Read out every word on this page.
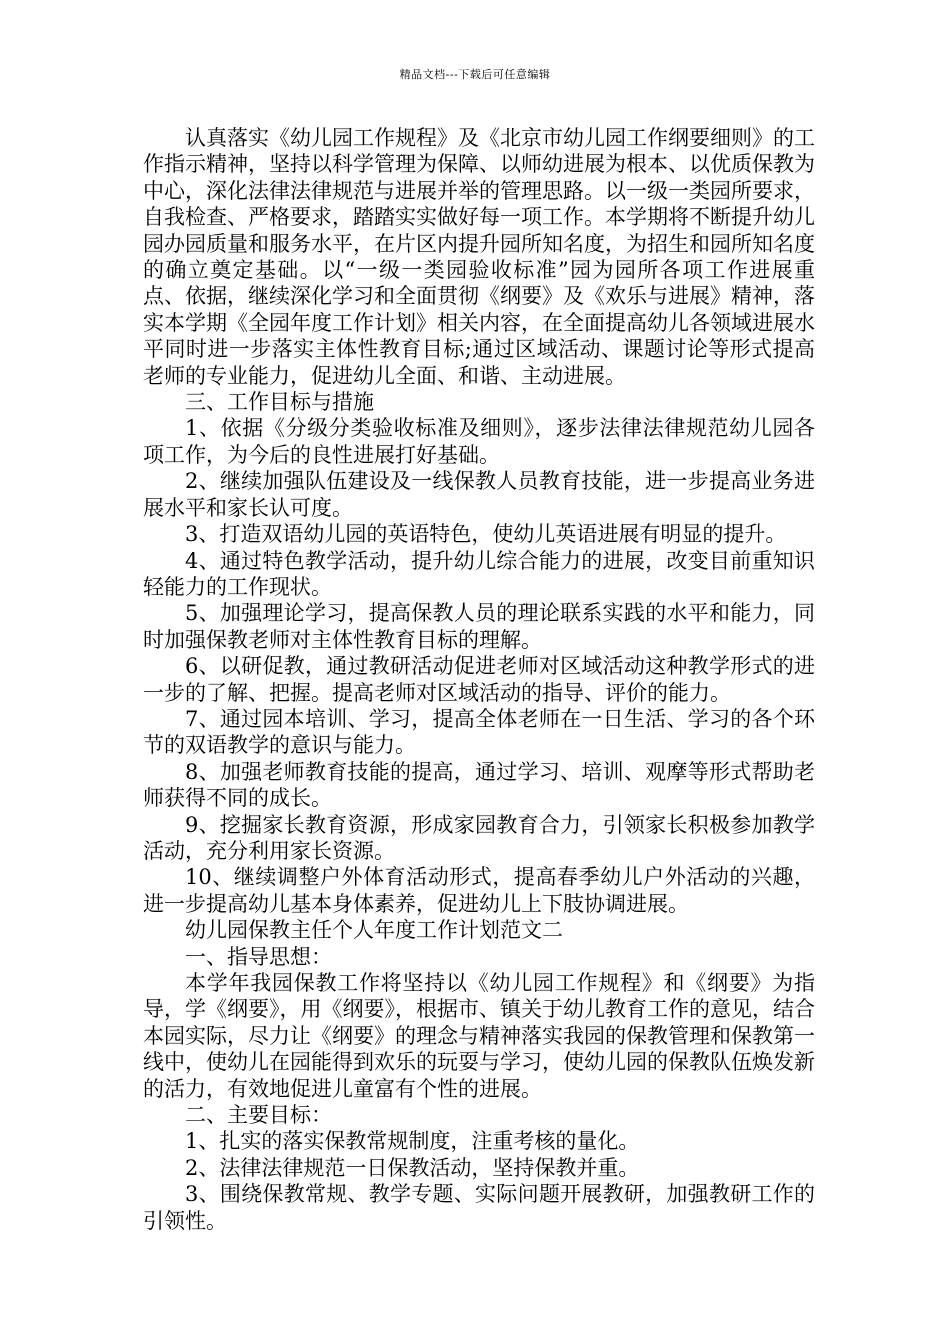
精品文档---下载后可任意编辑

认真落实《幼儿园工作规程》及《北京市幼儿园工作纲要细则》的工作指示精神，坚持以科学管理为保障、以师幼进展为根本、以优质保教为中心，深化法律法律规范与进展并举的管理思路。以一级一类园所要求，自我检查、严格要求，踏踏实实做好每一项工作。本学期将不断提升幼儿园办园质量和服务水平，在片区内提升园所知名度，为招生和园所知名度的确立奠定基础。以“一级一类园验收标准”园为园所各项工作进展重点、依据，继续深化学习和全面贯彻《纲要》及《欢乐与进展》精神，落实本学期《全园年度工作计划》相关内容，在全面提高幼儿各领域进展水平同时进一步落实主体性教育目标;通过区域活动、课题讨论等形式提高老师的专业能力，促进幼儿全面、和谐、主动进展。

三、工作目标与措施

1、依据《分级分类验收标准及细则》，逐步法律法律规范幼儿园各项工作，为今后的良性进展打好基础。

2、继续加强队伍建设及一线保教人员教育技能，进一步提高业务进展水平和家长认可度。

3、打造双语幼儿园的英语特色，使幼儿英语进展有明显的提升。

4、通过特色教学活动，提升幼儿综合能力的进展，改变目前重知识轻能力的工作现状。

5、加强理论学习，提高保教人员的理论联系实践的水平和能力，同时加强保教老师对主体性教育目标的理解。

6、以研促教，通过教研活动促进老师对区域活动这种教学形式的进一步的了解、把握。提高老师对区域活动的指导、评价的能力。

7、通过园本培训、学习，提高全体老师在一日生活、学习的各个环节的双语教学的意识与能力。

8、加强老师教育技能的提高，通过学习、培训、观摩等形式帮助老师获得不同的成长。

9、挖掘家长教育资源，形成家园教育合力，引领家长积极参加教学活动，充分利用家长资源。

10、继续调整户外体育活动形式，提高春季幼儿户外活动的兴趣，进一步提高幼儿基本身体素养，促进幼儿上下肢协调进展。

幼儿园保教主任个人年度工作计划范文二

一、指导思想：

本学年我园保教工作将坚持以《幼儿园工作规程》和《纲要》为指导，学《纲要》，用《纲要》，根据市、镇关于幼儿教育工作的意见，结合本园实际，尽力让《纲要》的理念与精神落实我园的保教管理和保教第一线中，使幼儿在园能得到欢乐的玩耍与学习，使幼儿园的保教队伍焕发新的活力，有效地促进儿童富有个性的进展。

二、主要目标：

1、扎实的落实保教常规制度，注重考核的量化。

2、法律法律规范一日保教活动，坚持保教并重。

3、围绕保教常规、教学专题、实际问题开展教研，加强教研工作的引领性。
